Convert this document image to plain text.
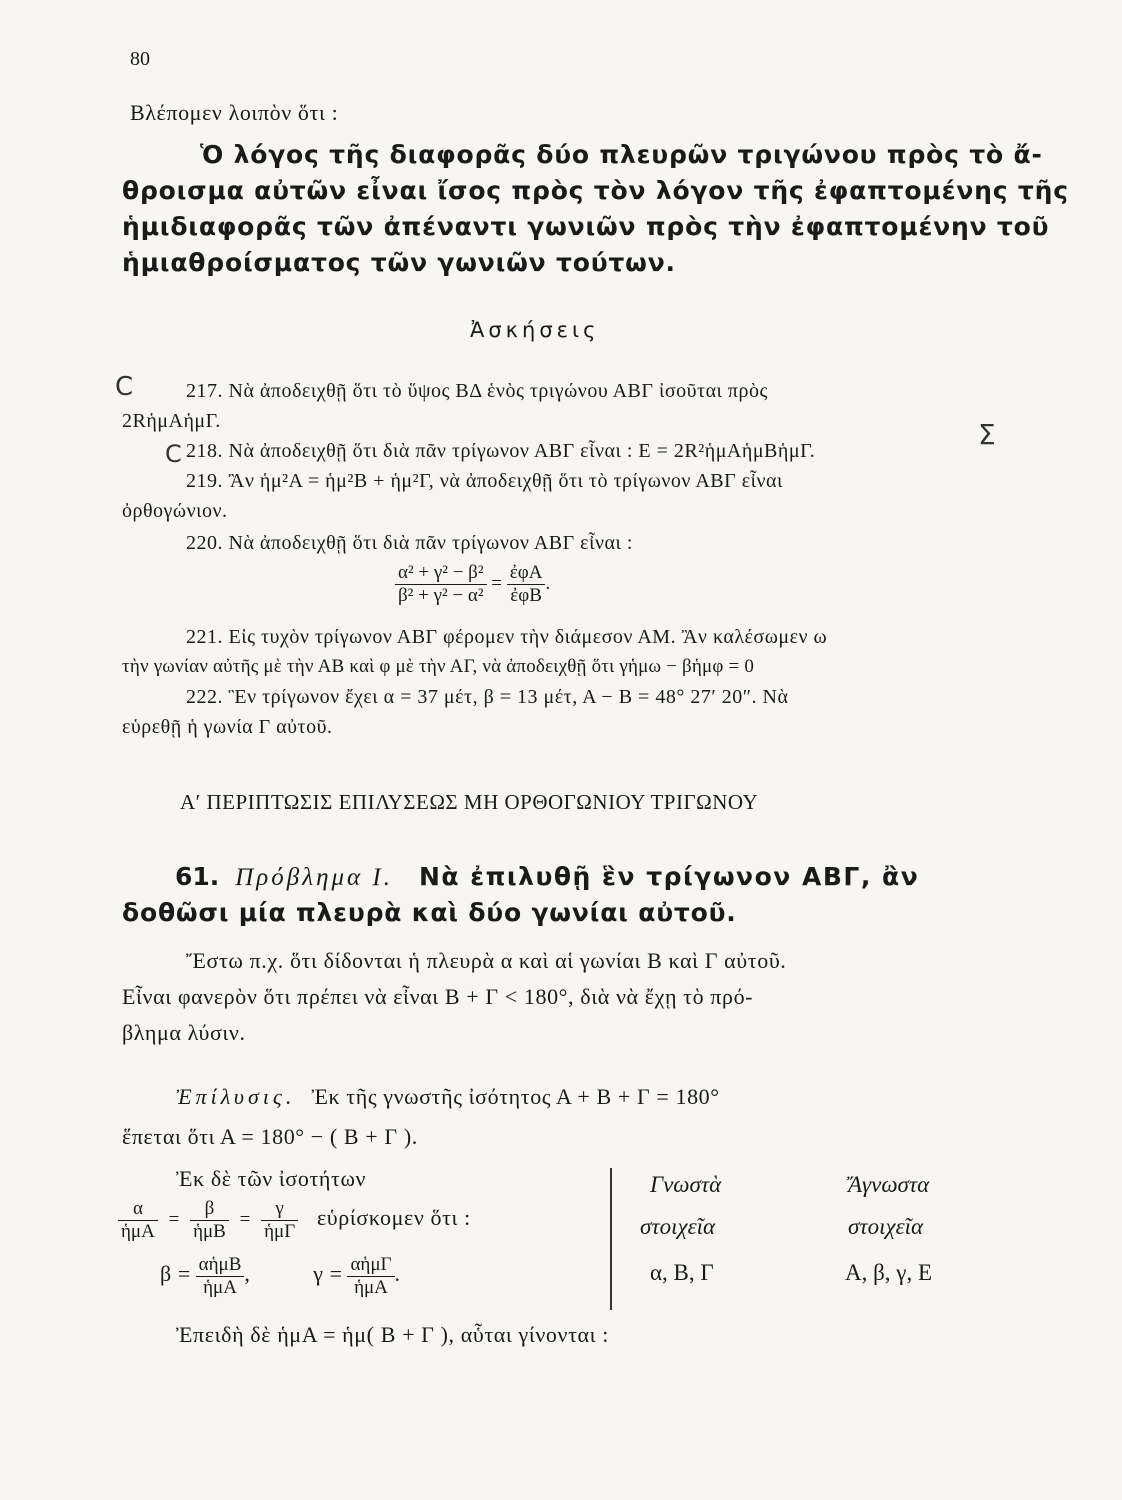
80
Βλέπομεν λοιπὸν ὅτι :
Ὁ λόγος τῆς διαφορᾶς δύο πλευρῶν τριγώνου πρὸς τὸ ἄ-
θροισμα αὐτῶν εἶναι ἴσος πρὸς τὸν λόγον τῆς ἐφαπτομένης τῆς
ἡμιδιαφορᾶς τῶν ἀπέναντι γωνιῶν πρὸς τὴν ἐφαπτομένην τοῦ
ἡμιαθροίσματος τῶν γωνιῶν τούτων.
Ἀσκήσεις
C
C
Σ
217. Νὰ ἀποδειχθῇ ὅτι τὸ ὕψος ΒΔ ἑνὸς τριγώνου ΑΒΓ ἰσοῦται πρὸς
2RἡμΑἡμΓ.
218. Νὰ ἀποδειχθῇ ὅτι διὰ πᾶν τρίγωνον ΑΒΓ εἶναι : Ε = 2R²ἡμΑἡμΒἡμΓ.
219. Ἂν ἡμ²Α = ἡμ²Β + ἡμ²Γ, νὰ ἀποδειχθῇ ὅτι τὸ τρίγωνον ΑΒΓ εἶναι
ὀρθογώνιον.
220. Νὰ ἀποδειχθῇ ὅτι διὰ πᾶν τρίγωνον ΑΒΓ εἶναι :
$\frac{\text{α² + γ² − β²}}{\text{β² + γ² − α²}} = \frac{\text{ἐφΑ}}{\text{ἐφΒ}}$ .
221. Εἰς τυχὸν τρίγωνον ΑΒΓ φέρομεν τὴν διάμεσον ΑΜ. Ἂν καλέσωμεν ω
τὴν γωνίαν αὐτῆς μὲ τὴν ΑΒ καὶ φ μὲ τὴν ΑΓ, νὰ ἀποδειχθῇ ὅτι γἡμω − βἡμφ = 0
222. Ἓν τρίγωνον ἔχει α = 37 μέτ, β = 13 μέτ, Α − Β = 48° 27′ 20″. Νὰ
εὑρεθῇ ἡ γωνία Γ αὐτοῦ.
Α′ ΠΕΡΙΠΤΩΣΙΣ ΕΠΙΛΥΣΕΩΣ ΜΗ ΟΡΘΟΓΩΝΙΟΥ ΤΡΙΓΩΝΟΥ
61. Πρόβλημα Ι. Νὰ ἐπιλυθῇ ἓν τρίγωνον ΑΒΓ, ἂν
δοθῶσι μία πλευρὰ καὶ δύο γωνίαι αὐτοῦ.
Ἔστω π.χ. ὅτι δίδονται ἡ πλευρὰ α καὶ αἱ γωνίαι Β καὶ Γ αὐτοῦ.
Εἶναι φανερὸν ὅτι πρέπει νὰ εἶναι Β + Γ < 180°, διὰ νὰ ἔχῃ τὸ πρό-
βλημα λύσιν.
Ἐπίλυσις. Ἐκ τῆς γνωστῆς ἰσότητος Α + Β + Γ = 180°
ἕπεται ὅτι Α = 180° − ( Β + Γ ).
Ἐκ δὲ τῶν ἰσοτήτων
$\frac{\alpha}{\text{ἡμΑ}} = \frac{\beta}{\text{ἡμΒ}} = \frac{\gamma}{\text{ἡμΓ}}$ εὑρίσκομεν ὅτι :
$\beta = \frac{\text{αἡμΒ}}{\text{ἡμΑ}}$ ,	$\gamma = \frac{\text{αἡμΓ}}{\text{ἡμΑ}}$ .
Ἐπειδὴ δὲ ἡμΑ = ἡμ( Β + Γ ), αὗται γίνονται :
Γνωστὰ
στοιχεῖα
α, Β, Γ
Ἄγνωστα
στοιχεῖα
Α, β, γ, Ε
